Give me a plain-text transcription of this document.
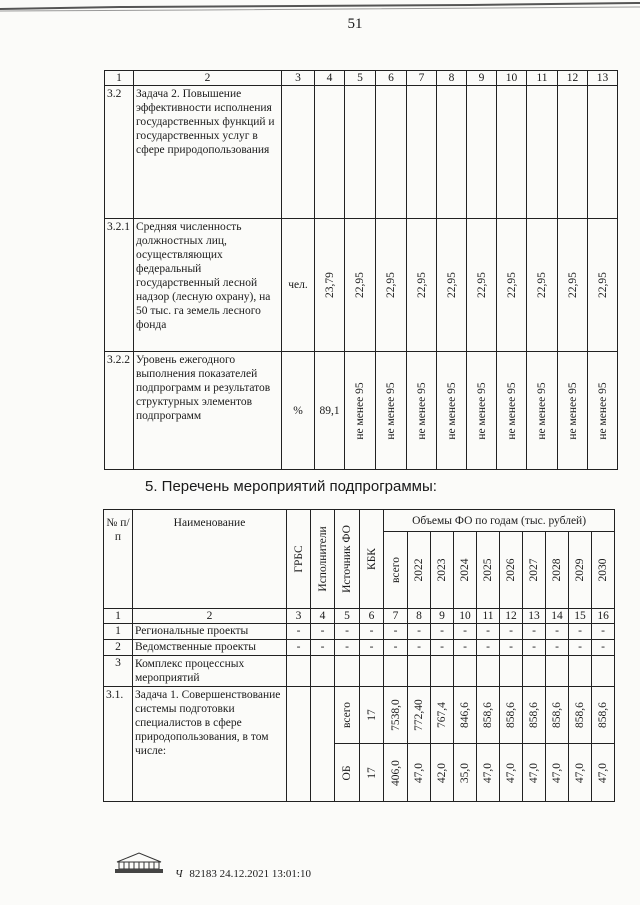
51
1	2	3	4	5	6	7	8	9	10	11	12	13
3.2	Задача 2. Повышение эффективности исполнения государственных функций и государственных услуг в сфере природопользования											
3.2.1	Средняя численность должностных лиц, осуществляющих федеральный государственный лесной надзор (лесную охрану), на 50 тыс. га земель лесного фонда	чел.	23,79	22,95	22,95	22,95	22,95	22,95	22,95	22,95	22,95	22,95

3.2.2	Уровень ежегодного выполнения показателей подпрограмм и результатов структурных элементов подпрограмм	%	89,1	не менее 95	не менее 95	не менее 95	не менее 95	не менее 95	не менее 95	не менее 95	не менее 95	не менее 95
5. Перечень мероприятий подпрограммы:
№ п/п	Наименование	ГРБС	Исполнители	Источник ФО	КБК	Объемы ФО по годам (тыс. рублей)									

						всего	2022	2023	2024	2025	2026	2027	2028	2029	2030

1	2	3	4	5	6	7	8	9	10	11	12	13	14	15	16
1	Региональные проекты	-	-	-	-	-	-	-	-	-	-	-	-	-	-
2	Ведомственные проекты	-	-	-	-	-	-	-	-	-	-	-	-	-	-
3	Комплекс процессных мероприятий														
3.1.	Задача 1. Совершенствование системы подготовки специалистов в сфере природопользования, в том числе:			всего	17	7538,0	772,40	767,4	846,6	858,6	858,6	858,6	858,6	858,6	858,6

				ОБ	17	406,0	47,0	42,0	35,0	47,0	47,0	47,0	47,0	47,0	47,0
Ч 82183 24.12.2021 13:01:10
